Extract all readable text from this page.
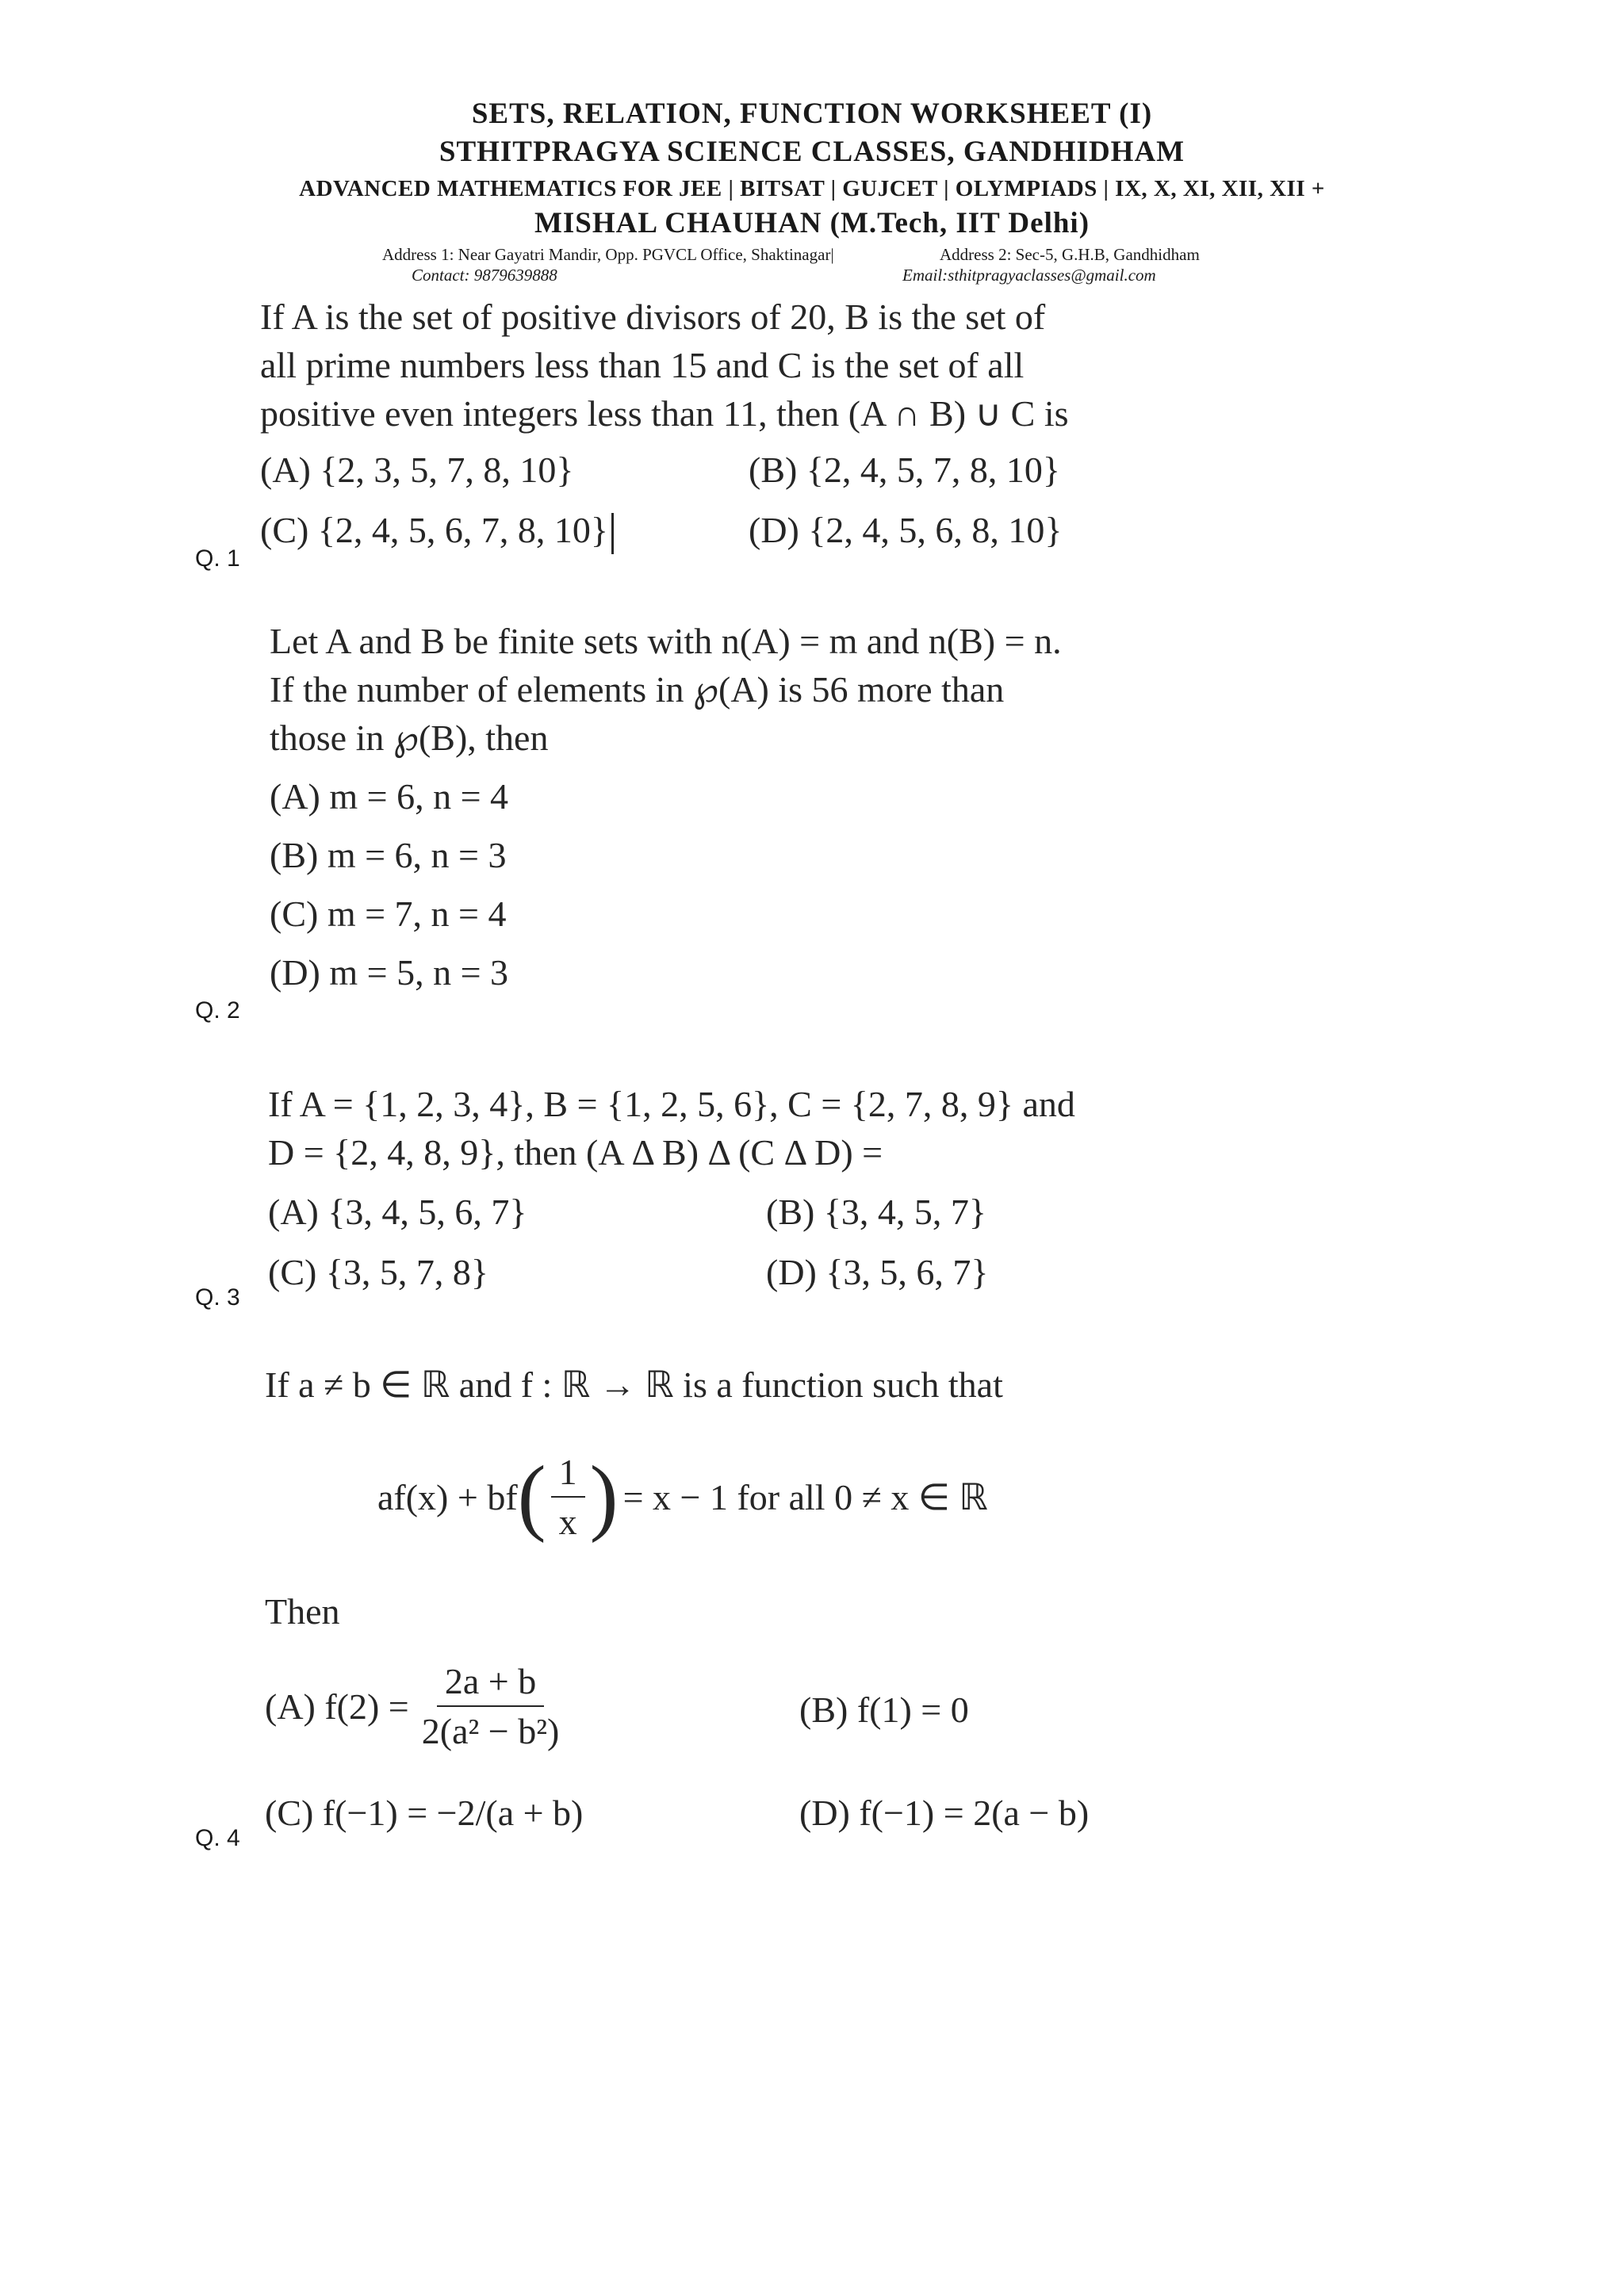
SETS, RELATION, FUNCTION WORKSHEET (I)
STHITPRAGYA SCIENCE CLASSES, GANDHIDHAM
ADVANCED MATHEMATICS FOR JEE | BITSAT | GUJCET | OLYMPIADS | IX, X, XI, XII, XII +
MISHAL CHAUHAN (M.Tech, IIT Delhi)
Address 1: Near Gayatri Mandir, Opp. PGVCL Office, Shaktinagar|	Address 2: Sec-5, G.H.B, Gandhidham
Contact: 9879639888	Email:sthitpragyaclasses@gmail.com
If A is the set of positive divisors of 20, B is the set of
all prime numbers less than 15 and C is the set of all
positive even integers less than 11, then (A ∩ B) ∪ C is
(A) {2, 3, 5, 7, 8, 10}	(B) {2, 4, 5, 7, 8, 10}
(C) {2, 4, 5, 6, 7, 8, 10}	(D) {2, 4, 5, 6, 8, 10}
Q. 1
Let A and B be finite sets with n(A) = m and n(B) = n.
If the number of elements in ℘(A) is 56 more than
those in ℘(B), then
(A) m = 6, n = 4
(B) m = 6, n = 3
(C) m = 7, n = 4
(D) m = 5, n = 3
Q. 2
If A = {1, 2, 3, 4}, B = {1, 2, 5, 6}, C = {2, 7, 8, 9} and
D = {2, 4, 8, 9}, then (A Δ B) Δ (C Δ D) =
(A) {3, 4, 5, 6, 7}	(B) {3, 4, 5, 7}
(C) {3, 5, 7, 8}	(D) {3, 5, 6, 7}
Q. 3
If a ≠ b ∈ ℝ and f : ℝ → ℝ is a function such that
af(x) + bf ( $\frac{1}{x}$ ) = x − 1 for all 0 ≠ x ∈ ℝ
Then
(A) $f(2) = \frac{2a + b}{\text{2(a² − b²)}}$	(B) f(1) = 0
(C) f(−1) = −2/(a + b)	(D) f(−1) = 2(a − b)
Q. 4
